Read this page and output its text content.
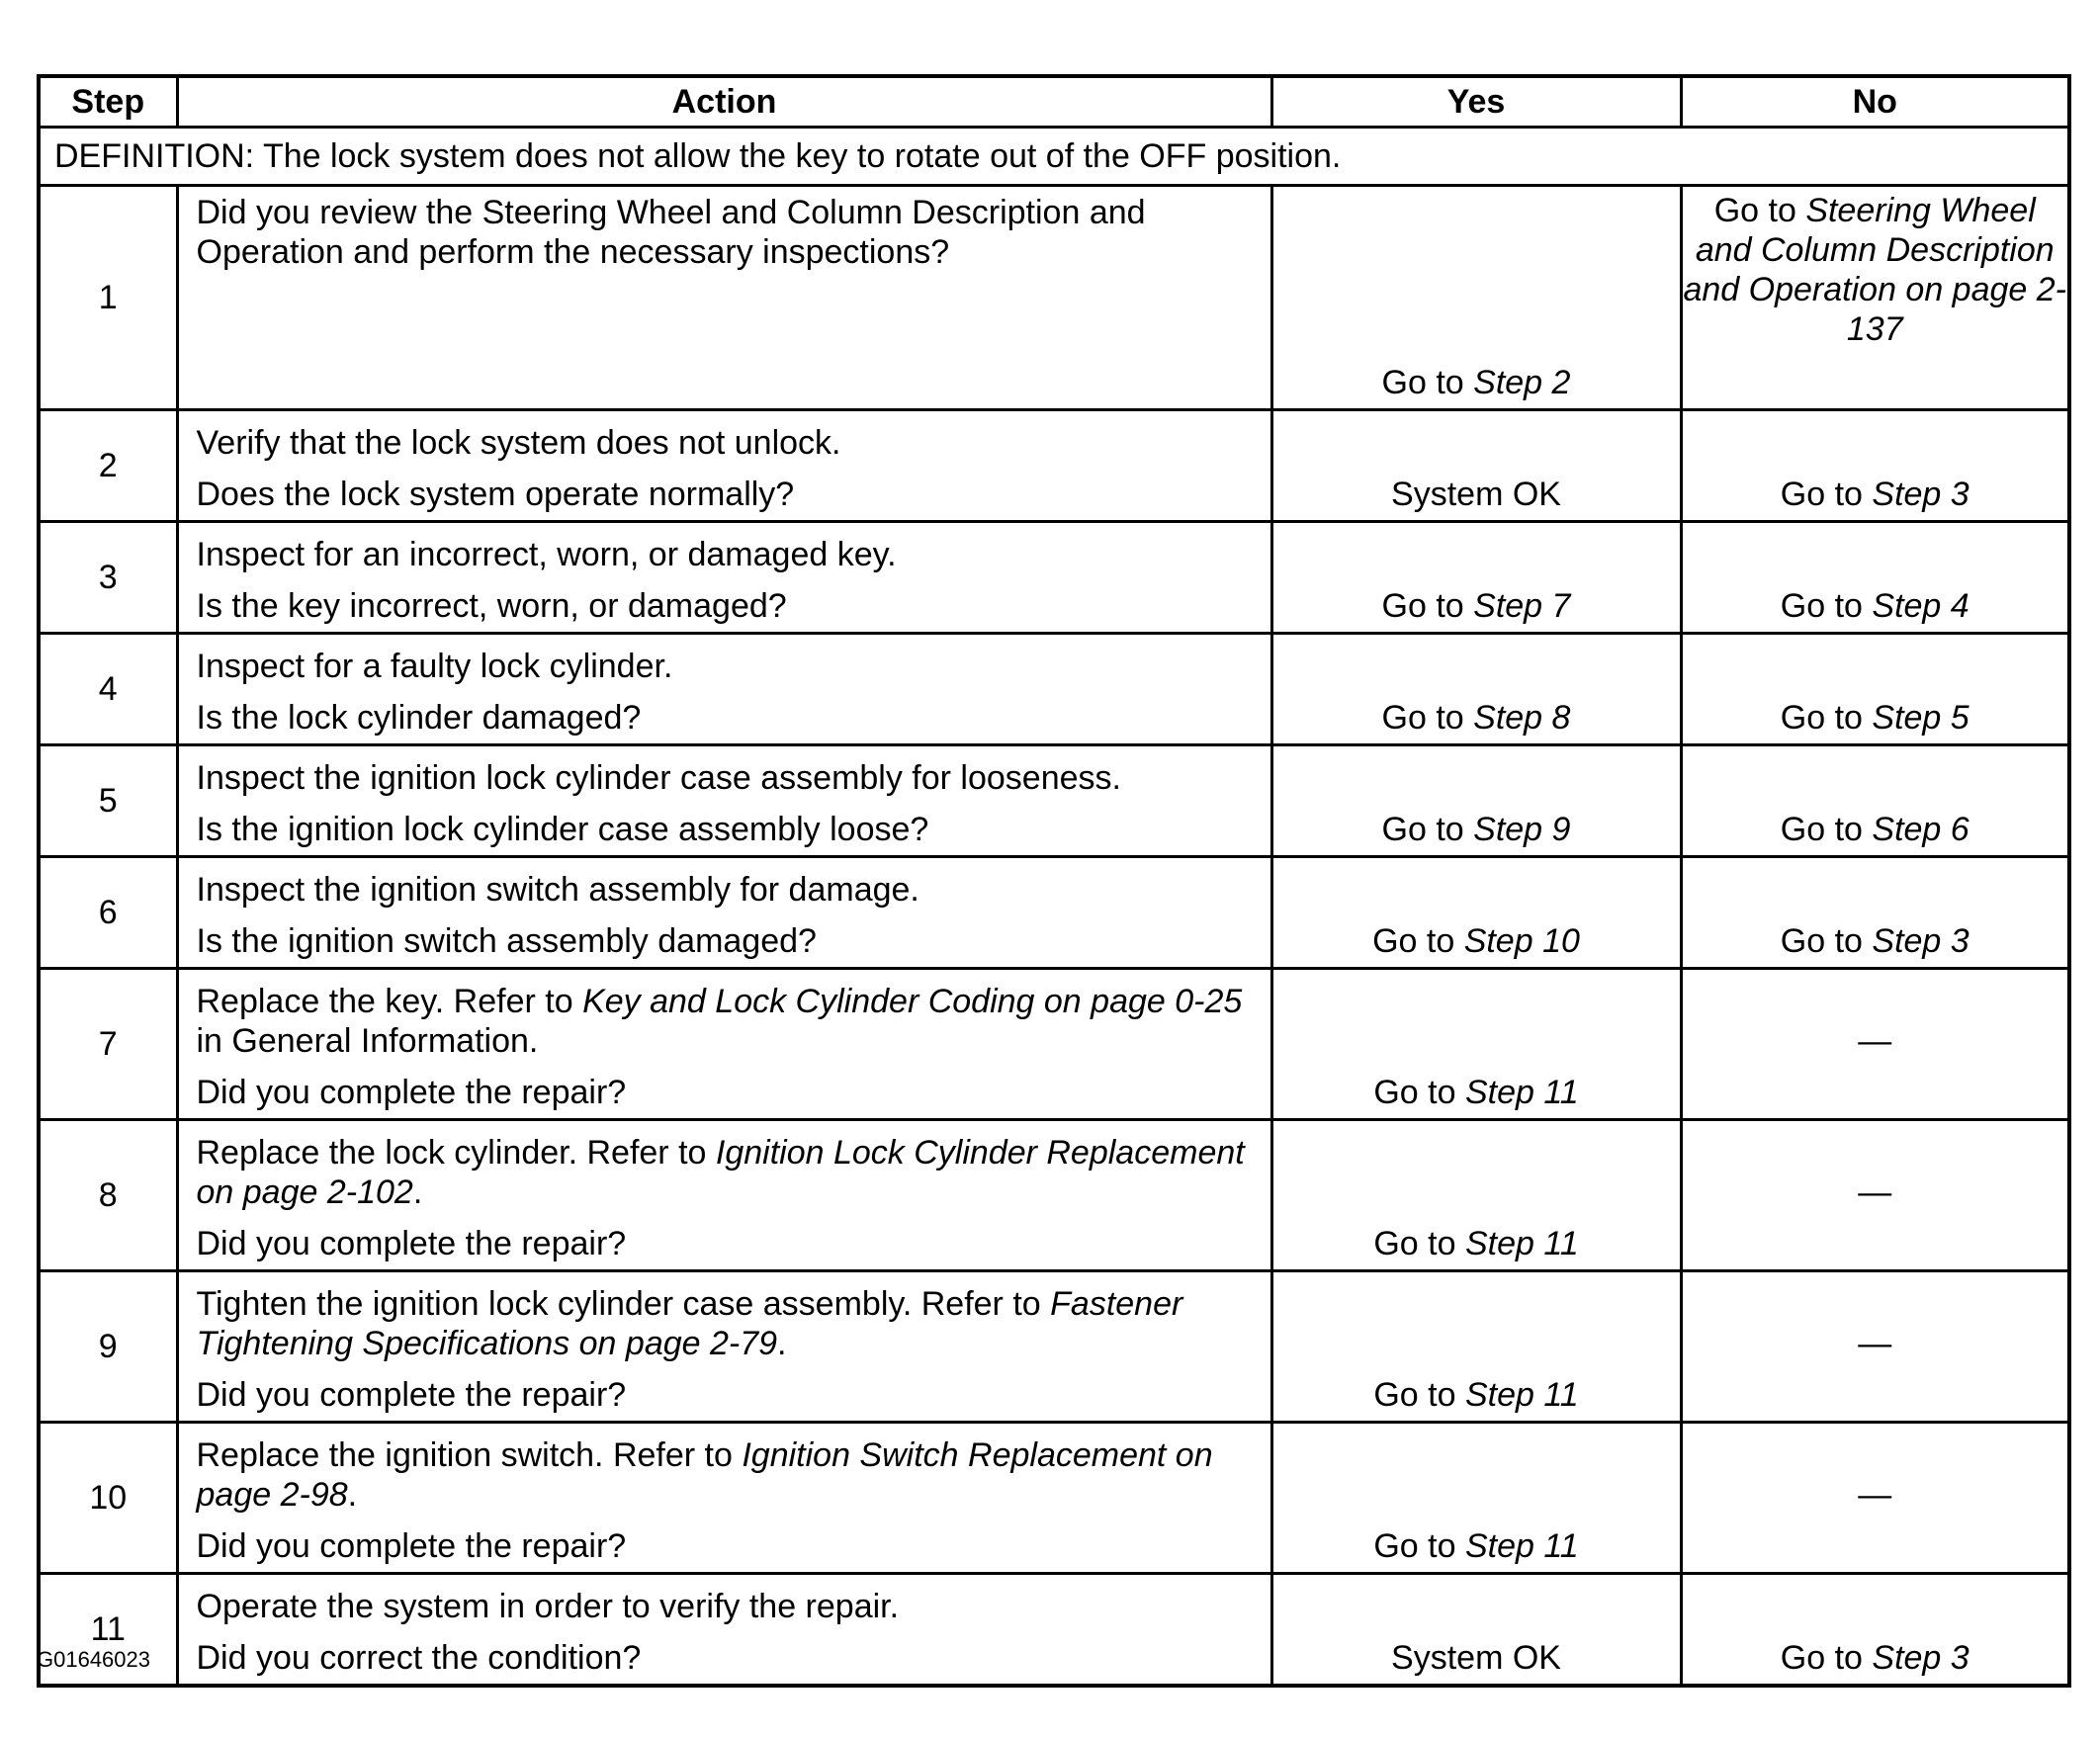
Step	Action	Yes	No
DEFINITION: The lock system does not allow the key to rotate out of the OFF position.			
1	Did you review the Steering Wheel and Column Description and Operation and perform the necessary inspections?	Go to Step 2	Go to Steering Wheel and Column Description and Operation on page 2-137
2	Verify that the lock system does not unlock.
Does the lock system operate normally?	System OK	Go to Step 3
3	Inspect for an incorrect, worn, or damaged key.
Is the key incorrect, worn, or damaged?	Go to Step 7	Go to Step 4
4	Inspect for a faulty lock cylinder.
Is the lock cylinder damaged?	Go to Step 8	Go to Step 5
5	Inspect the ignition lock cylinder case assembly for looseness.
Is the ignition lock cylinder case assembly loose?	Go to Step 9	Go to Step 6
6	Inspect the ignition switch assembly for damage.
Is the ignition switch assembly damaged?	Go to Step 10	Go to Step 3
7	Replace the key. Refer to Key and Lock Cylinder Coding on page 0-25 in General Information.
Did you complete the repair?	Go to Step 11	—
8	Replace the lock cylinder. Refer to Ignition Lock Cylinder Replacement on page 2-102.
Did you complete the repair?	Go to Step 11	—
9	Tighten the ignition lock cylinder case assembly. Refer to Fastener Tightening Specifications on page 2-79.
Did you complete the repair?	Go to Step 11	—
10	Replace the ignition switch. Refer to Ignition Switch Replacement on page 2-98.
Did you complete the repair?	Go to Step 11	—
11	Operate the system in order to verify the repair.
Did you correct the condition?	System OK	Go to Step 3
G01646023
